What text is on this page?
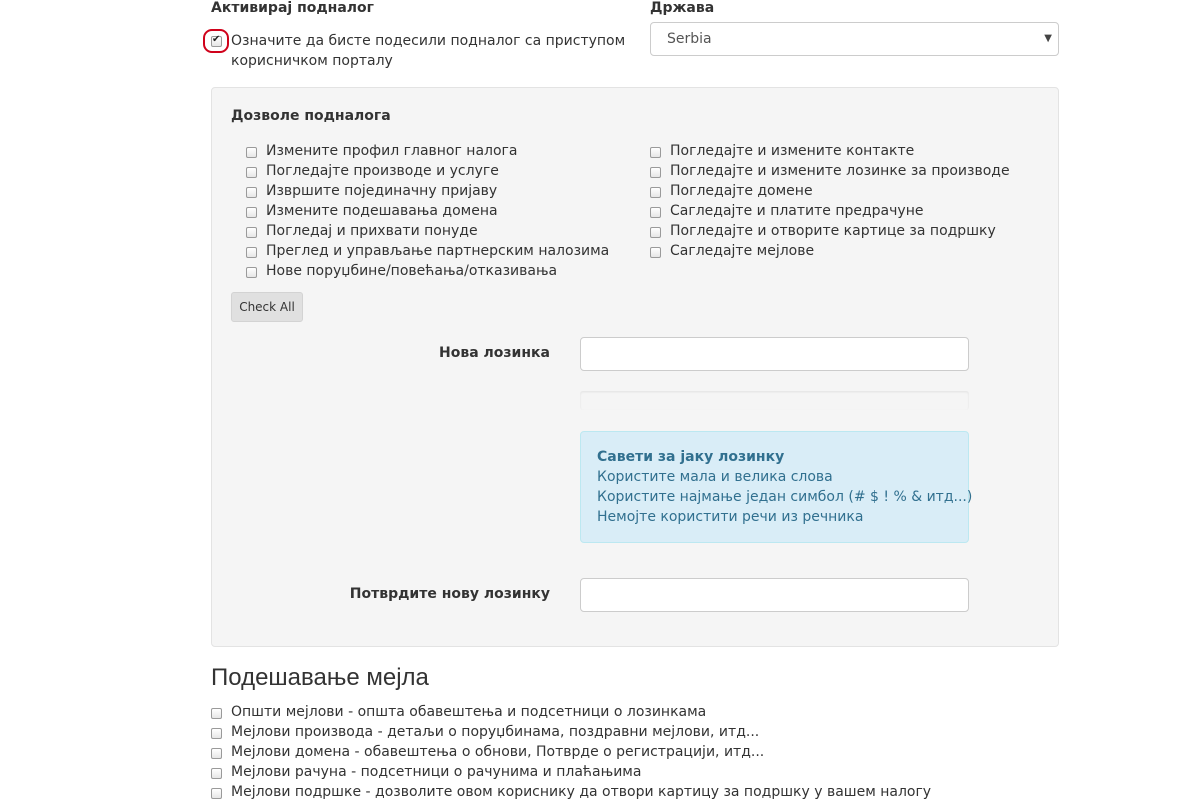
Активирај подналог
✔
Означите да бисте подесили подналог са приступом
корисничком порталу
Држава
Serbia	▼
Дозволе подналога
Измените профил главног налога
Погледајте производе и услуге
Извршите појединачну пријаву
Измените подешавања домена
Погледај и прихвати понуде
Преглед и управљање партнерским налозима
Нове поруџбине/повећања/отказивања
Погледајте и измените контакте
Погледајте и измените лозинке за производе
Погледајте домене
Сагледајте и платите предрачуне
Погледајте и отворите картице за подршку
Сагледајте мејлове
Check All
Нова лозинка
Савети за јаку лозинку
Користите мала и велика слова
Користите најмање један симбол (# $ ! % & итд...)
Немојте користити речи из речника
Потврдите нову лозинку
Подешавање мејла
Општи мејлови - општа обавештења и подсетници о лозинкама
Мејлови производа - детаљи о поруџбинама, поздравни мејлови, итд...
Мејлови домена - обавештења о обнови, Потврде о регистрацији, итд...
Мејлови рачуна - подсетници о рачунима и плаћањима
Мејлови подршке - дозволите овом кориснику да отвори картицу за подршку у вашем налогу
